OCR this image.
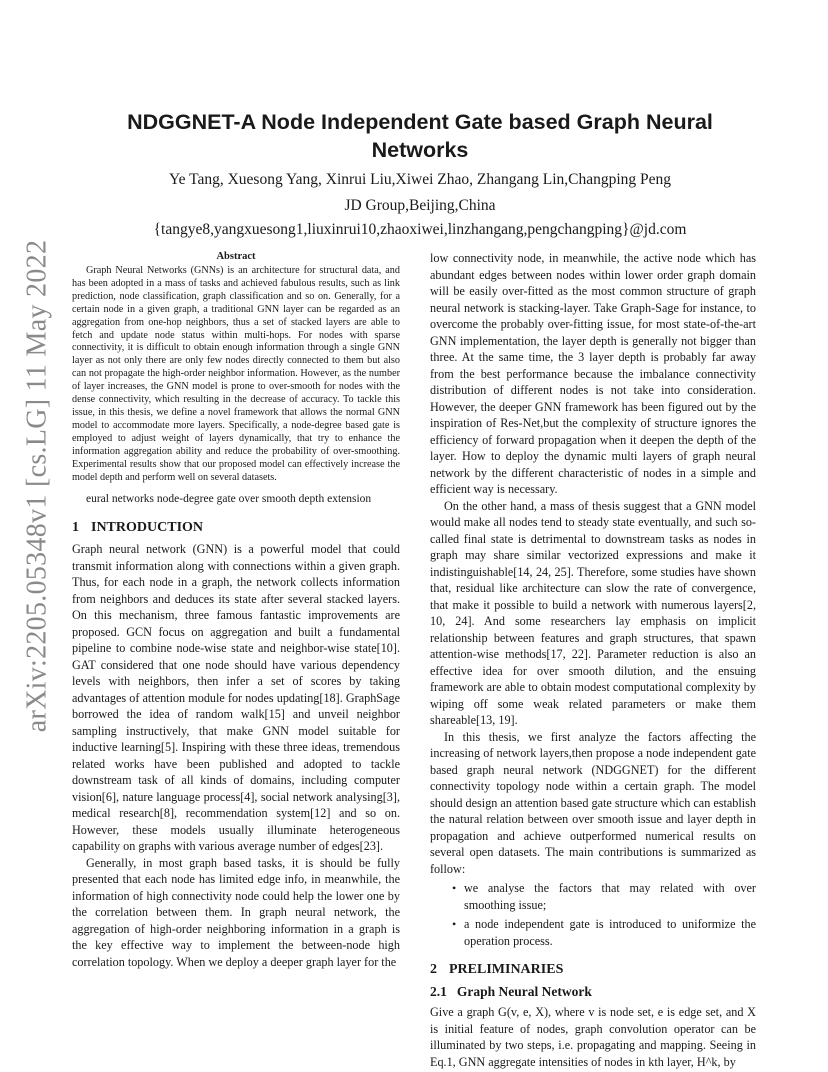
arXiv:2205.05348v1 [cs.LG] 11 May 2022
NDGGNET-A Node Independent Gate based Graph Neural Networks
Ye Tang, Xuesong Yang, Xinrui Liu,Xiwei Zhao, Zhangang Lin,Changping Peng
JD Group,Beijing,China
{tangye8,yangxuesong1,liuxinrui10,zhaoxiwei,linzhangang,pengchangping}@jd.com
Abstract

Graph Neural Networks (GNNs) is an architecture for structural data, and has been adopted in a mass of tasks and achieved fabulous results, such as link prediction, node classification, graph classification and so on. Generally, for a certain node in a given graph, a traditional GNN layer can be regarded as an aggregation from one-hop neighbors, thus a set of stacked layers are able to fetch and update node status within multi-hops. For nodes with sparse connectivity, it is difficult to obtain enough information through a single GNN layer as not only there are only few nodes directly connected to them but also can not propagate the high-order neighbor information. However, as the number of layer increases, the GNN model is prone to over-smooth for nodes with the dense connectivity, which resulting in the decrease of accuracy. To tackle this issue, in this thesis, we define a novel framework that allows the normal GNN model to accommodate more layers. Specifically, a node-degree based gate is employed to adjust weight of layers dynamically, that try to enhance the information aggregation ability and reduce the probability of over-smoothing. Experimental results show that our proposed model can effectively increase the model depth and perform well on several datasets.

eural networks node-degree gate over smooth depth extension

1 INTRODUCTION

Graph neural network (GNN) is a powerful model that could transmit information along with connections within a given graph. Thus, for each node in a graph, the network collects information from neighbors and deduces its state after several stacked layers. On this mechanism, three famous fantastic improvements are proposed. GCN focus on aggregation and built a fundamental pipeline to combine node-wise state and neighbor-wise state[10]. GAT considered that one node should have various dependency levels with neighbors, then infer a set of scores by taking advantages of attention module for nodes updating[18]. GraphSage borrowed the idea of random walk[15] and unveil neighbor sampling instructively, that make GNN model suitable for inductive learning[5]. Inspiring with these three ideas, tremendous related works have been published and adopted to tackle downstream task of all kinds of domains, including computer vision[6], nature language process[4], social network analysing[3], medical research[8], recommendation system[12] and so on. However, these models usually illuminate heterogeneous capability on graphs with various average number of edges[23].

Generally, in most graph based tasks, it is should be fully presented that each node has limited edge info, in meanwhile, the information of high connectivity node could help the lower one by the correlation between them. In graph neural network, the aggregation of high-order neighboring information in a graph is the key effective way to implement the between-node high correlation topology. When we deploy a deeper graph layer for the

low connectivity node, in meanwhile, the active node which has abundant edges between nodes within lower order graph domain will be easily over-fitted as the most common structure of graph neural network is stacking-layer. Take Graph-Sage for instance, to overcome the probably over-fitting issue, for most state-of-the-art GNN implementation, the layer depth is generally not bigger than three. At the same time, the 3 layer depth is probably far away from the best performance because the imbalance connectivity distribution of different nodes is not take into consideration. However, the deeper GNN framework has been figured out by the inspiration of Res-Net,but the complexity of structure ignores the efficiency of forward propagation when it deepen the depth of the layer. How to deploy the dynamic multi layers of graph neural network by the different characteristic of nodes in a simple and efficient way is necessary.

On the other hand, a mass of thesis suggest that a GNN model would make all nodes tend to steady state eventually, and such so-called final state is detrimental to downstream tasks as nodes in graph may share similar vectorized expressions and make it indistinguishable[14, 24, 25]. Therefore, some studies have shown that, residual like architecture can slow the rate of convergence, that make it possible to build a network with numerous layers[2, 10, 24]. And some researchers lay emphasis on implicit relationship between features and graph structures, that spawn attention-wise methods[17, 22]. Parameter reduction is also an effective idea for over smooth dilution, and the ensuing framework are able to obtain modest computational complexity by wiping off some weak related parameters or make them shareable[13, 19].

In this thesis, we first analyze the factors affecting the increasing of network layers,then propose a node independent gate based graph neural network (NDGGNET) for the different connectivity topology node within a certain graph. The model should design an attention based gate structure which can establish the natural relation between over smooth issue and layer depth in propagation and achieve outperformed numerical results on several open datasets. The main contributions is summarized as follow:

• we analyse the factors that may related with over smoothing issue;
• a node independent gate is introduced to uniformize the operation process.
2 PRELIMINARIES
2.1 Graph Neural Network

Give a graph G(v, e, X), where v is node set, e is edge set, and X is initial feature of nodes, graph convolution operator can be illuminated by two steps, i.e. propagating and mapping. Seeing in Eq.1, GNN aggregate intensities of nodes in kth layer, H^k, by
